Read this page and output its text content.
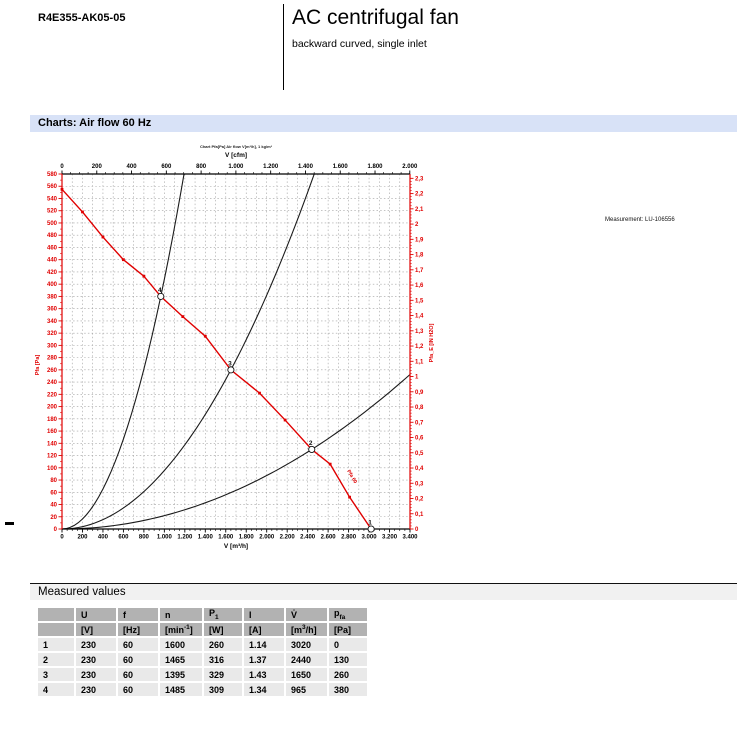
R4E355-AK05-05	AC centrifugal fan
backward curved, single inlet
Charts: Air flow 60 Hz
0	200	400	600	800	1.000	1.200	1.400	1.600	1.800	2.000
0 200 400 600 800 1.000 1.200 1.400 1.600 1.800 2.000 2.200 2.400 2.600 2.800 3.000 3.200 3.400
0
20
40
60
80
100
120
140
160
180
200
220
240
260
280
300
320
340
360
380
400
420
440
460
480
500
520
540
560
580
0
0,1
0,2
0,3
0,4
0,5
0,6
0,7
0,8
0,9
1
1,1
1,2
1,3
1,4
1,5
1,6
1,7
1,8
1,9
2
2,1
2,2
2,3
Chart Pfa[Pa] Air flow V[m³/h], 1 kg/m³
V [cfm]
V [m³/h]
Pfa [Pa]
Pfa_E [IN H2O]
Pfa 60
1
2
3
4
Measurement: LU-106556
Measured values
	U	f	n	$P_1$	I	V̇	$p_{fa}$
	[V]	[Hz]	$[\min^{-1}]$	[W]	[A]	$[m^3/h]$	[Pa]
1	230	60	1600	260	1.14	3020	0
2	230	60	1465	316	1.37	2440	130
3	230	60	1395	329	1.43	1650	260
4	230	60	1485	309	1.34	965	380
